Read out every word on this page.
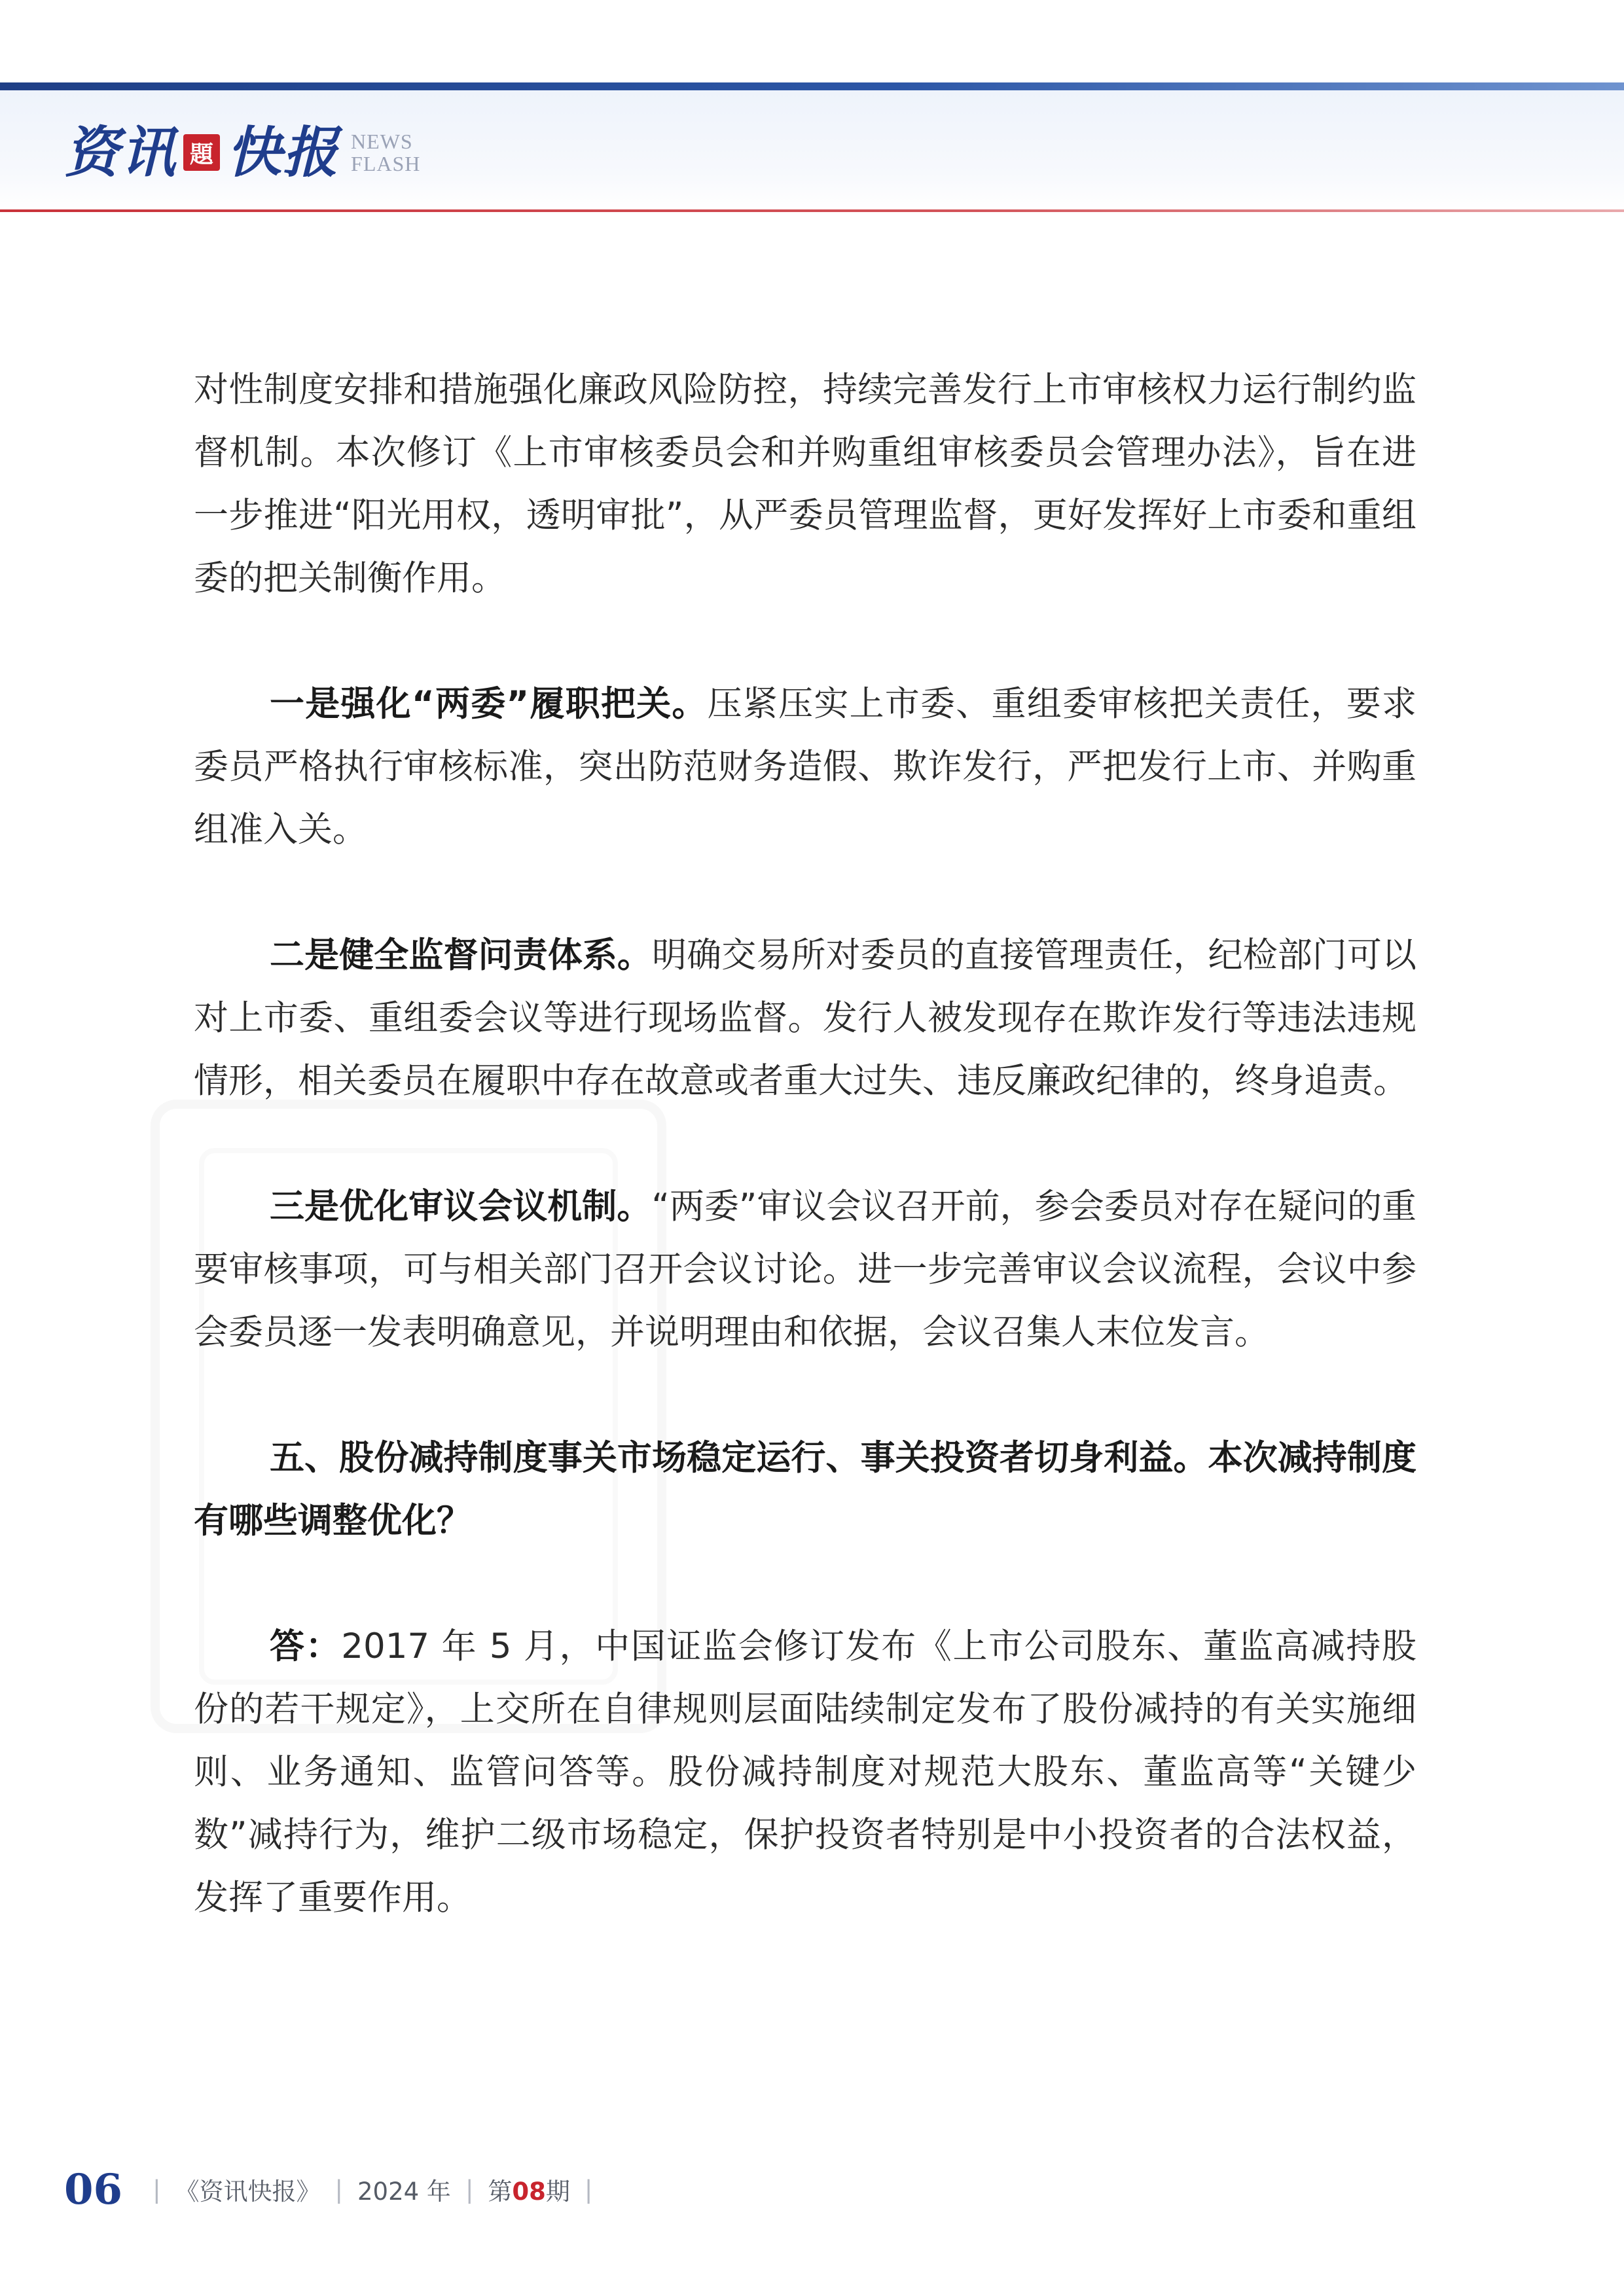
资讯 題 快报 NEWS
FLASH

对性制度安排和措施强化廉政风险防控，持续完善发行上市审核权力运行制约监督机制。本次修订《上市审核委员会和并购重组审核委员会管理办法》，旨在进一步推进“阳光用权，透明审批”，从严委员管理监督，更好发挥好上市委和重组委的把关制衡作用。

一是强化“两委”履职把关。压紧压实上市委、重组委审核把关责任，要求委员严格执行审核标准，突出防范财务造假、欺诈发行，严把发行上市、并购重组准入关。

二是健全监督问责体系。明确交易所对委员的直接管理责任，纪检部门可以对上市委、重组委会议等进行现场监督。发行人被发现存在欺诈发行等违法违规情形，相关委员在履职中存在故意或者重大过失、违反廉政纪律的，终身追责。

三是优化审议会议机制。“两委”审议会议召开前，参会委员对存在疑问的重要审核事项，可与相关部门召开会议讨论。进一步完善审议会议流程，会议中参会委员逐一发表明确意见，并说明理由和依据，会议召集人末位发言。

五、股份减持制度事关市场稳定运行、事关投资者切身利益。本次减持制度有哪些调整优化？

答：2017 年 5 月，中国证监会修订发布《上市公司股东、董监高减持股份的若干规定》，上交所在自律规则层面陆续制定发布了股份减持的有关实施细则、业务通知、监管问答等。股份减持制度对规范大股东、董监高等“关键少数”减持行为，维护二级市场稳定，保护投资者特别是中小投资者的合法权益，发挥了重要作用。

06 | 《资讯快报》 | 2024 年 | 第08期 |
